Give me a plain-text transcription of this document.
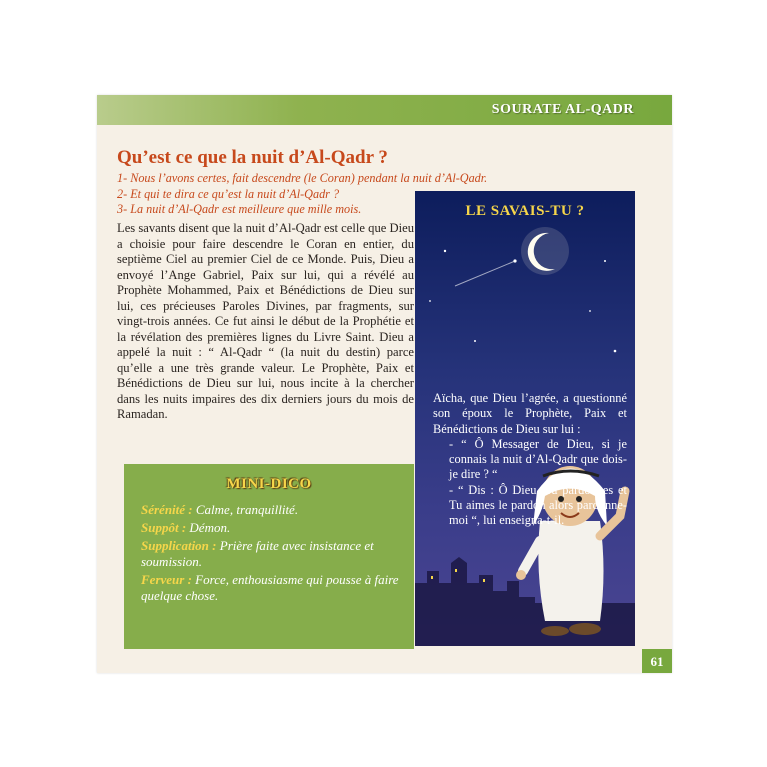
SOURATE AL-QADR
Qu’est ce que la nuit d’Al-Qadr ?
1- Nous l’avons certes, fait descendre (le Coran) pendant la nuit d’Al-Qadr.
2- Et qui te dira ce qu’est la nuit d’Al-Qadr ?
3- La nuit d’Al-Qadr est meilleure que mille mois.
Les savants disent que la nuit d’Al-Qadr est celle que Dieu a choisie pour faire descendre le Coran en entier, du septième Ciel au premier Ciel de ce Monde. Puis, Dieu a envoyé l’Ange Gabriel, Paix sur lui, qui a révélé au Prophète Mohammed, Paix et Bénédictions de Dieu sur lui, ces précieuses Paroles Divines, par fragments, sur vingt-trois années. Ce fut ainsi le début de la Prophétie et la révélation des premières lignes du Livre Saint. Dieu a appelé la nuit : “ Al-Qadr “ (la nuit du destin) parce qu’elle a une très grande valeur. Le Prophète, Paix et Bénédictions de Dieu sur lui, nous incite à la chercher dans les nuits impaires des dix derniers jours du mois de Ramadan.
MINI-DICO
Sérénité : Calme, tranquillité.
Suppôt : Démon.
Supplication : Prière faite avec insistance et soumission.
Ferveur : Force, enthousiasme qui pousse à faire quelque chose.
LE SAVAIS-TU ?

Aïcha, que Dieu l’agrée, a questionné son époux le Prophète, Paix et Bénédictions de Dieu sur lui :

- “ Ô Messager de Dieu, si je connais la nuit d’Al-Qadr que dois-je dire ? “

- “ Dis : Ô Dieu, Tu pardonnes et Tu aimes le pardon alors pardonne-moi “, lui enseigna-t-il.

61
